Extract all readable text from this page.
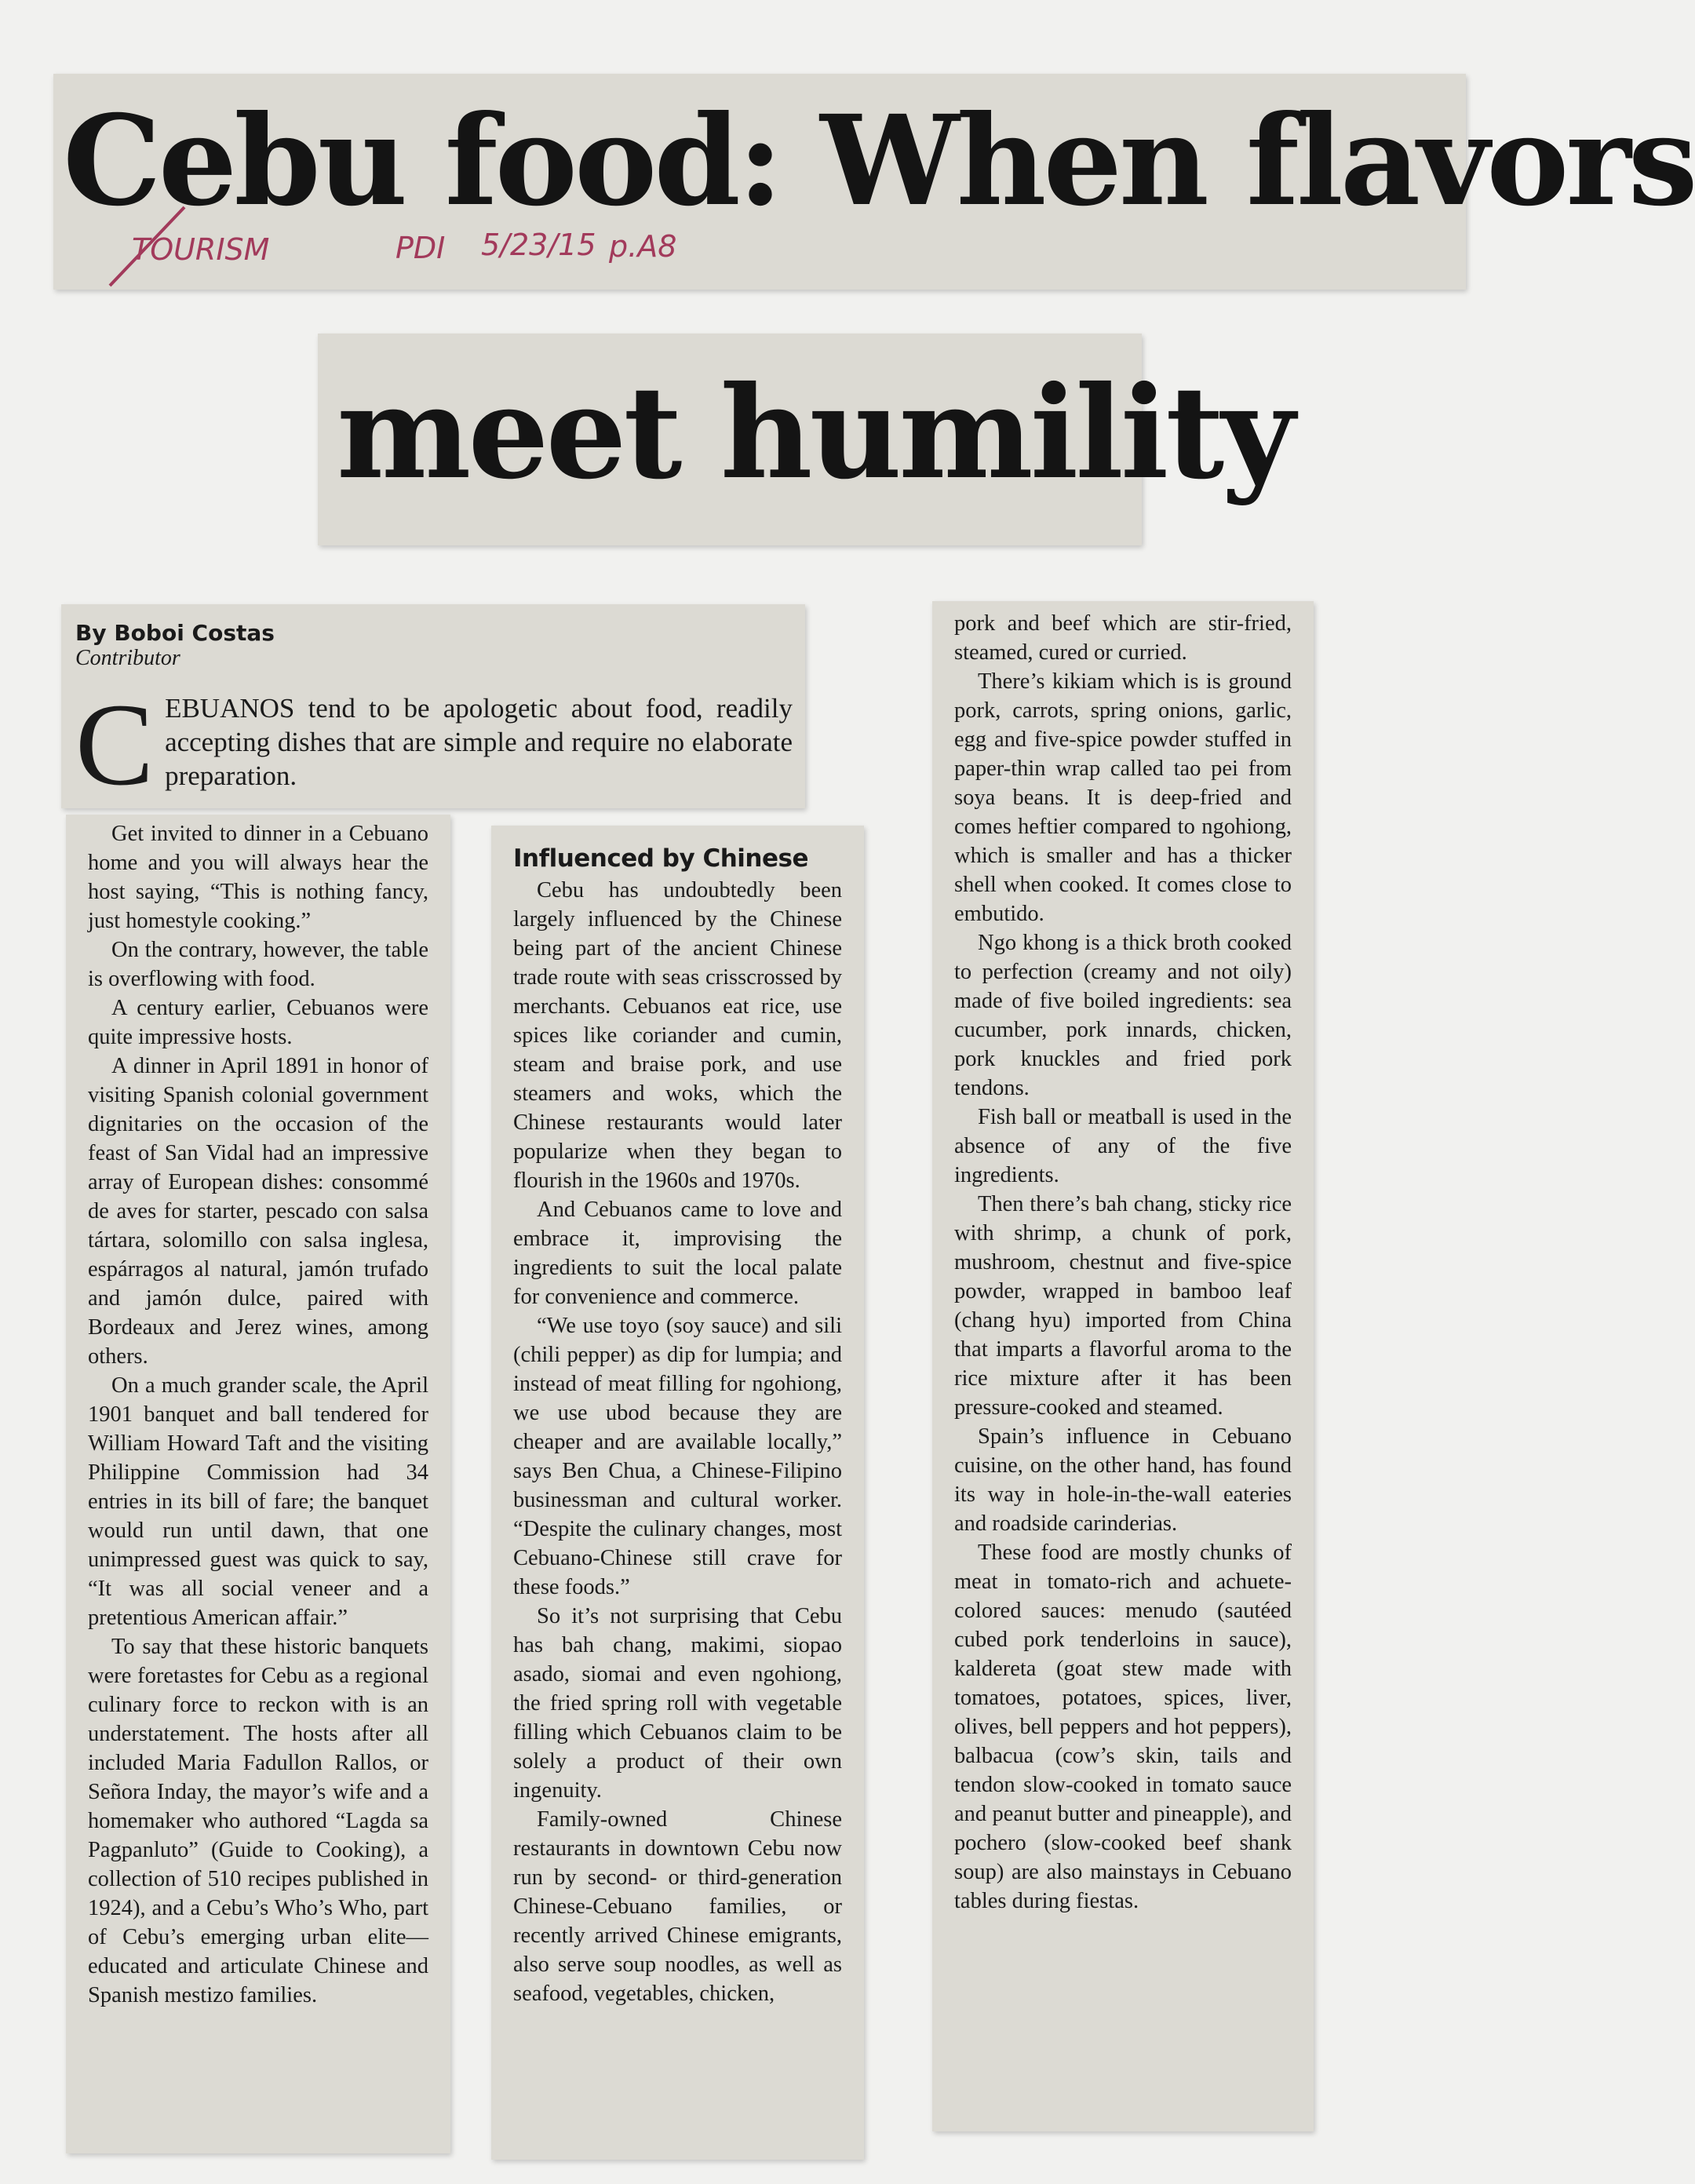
Cebu food: When flavors
TOURISM	PDI 5/23/15 p.A8
meet humility
By Boboi Costas
Contributor
C EBUANOS tend to be apologetic about food, readily accepting dishes that are simple and require no elaborate preparation.

Get invited to dinner in a Cebuano home and you will always hear the host saying, “This is nothing fancy, just homestyle cooking.”

On the contrary, however, the table is overflowing with food.

A century earlier, Cebuanos were quite impressive hosts.

A dinner in April 1891 in honor of visiting Spanish colonial government dignitaries on the occasion of the feast of San Vidal had an impressive array of European dishes: consommé de aves for starter, pescado con salsa tártara, solomillo con salsa inglesa, espárragos al natural, jamón trufado and jamón dulce, paired with Bordeaux and Jerez wines, among others.

On a much grander scale, the April 1901 banquet and ball tendered for William Howard Taft and the visiting Philippine Commission had 34 entries in its bill of fare; the banquet would run until dawn, that one unimpressed guest was quick to say, “It was all social veneer and a pretentious American affair.”

To say that these historic banquets were foretastes for Cebu as a regional culinary force to reckon with is an understatement. The hosts after all included Maria Fadullon Rallos, or Señora Inday, the mayor’s wife and a homemaker who authored “Lagda sa Pagpanluto” (Guide to Cooking), a collection of 510 recipes published in 1924), and a Cebu’s Who’s Who, part of Cebu’s emerging urban elite—educated and articulate Chinese and Spanish mestizo families.

Influenced by Chinese

Cebu has undoubtedly been largely influenced by the Chinese being part of the ancient Chinese trade route with seas crisscrossed by merchants. Cebuanos eat rice, use spices like coriander and cumin, steam and braise pork, and use steamers and woks, which the Chinese restaurants would later popularize when they began to flourish in the 1960s and 1970s.

And Cebuanos came to love and embrace it, improvising the ingredients to suit the local palate for convenience and commerce.

“We use toyo (soy sauce) and sili (chili pepper) as dip for lumpia; and instead of meat filling for ngohiong, we use ubod because they are cheaper and are available locally,” says Ben Chua, a Chinese-Filipino businessman and cultural worker. “Despite the culinary changes, most Cebuano-Chinese still crave for these foods.”

So it’s not surprising that Cebu has bah chang, makimi, siopao asado, siomai and even ngohiong, the fried spring roll with vegetable filling which Cebuanos claim to be solely a product of their own ingenuity.

Family-owned Chinese restaurants in downtown Cebu now run by second- or third-generation Chinese-Cebuano families, or recently arrived Chinese emigrants, also serve soup noodles, as well as seafood, vegetables, chicken,

pork and beef which are stir-fried, steamed, cured or curried.

There’s kikiam which is is ground pork, carrots, spring onions, garlic, egg and five-spice powder stuffed in paper-thin wrap called tao pei from soya beans. It is deep-fried and comes heftier compared to ngohiong, which is smaller and has a thicker shell when cooked. It comes close to embutido.

Ngo khong is a thick broth cooked to perfection (creamy and not oily) made of five boiled ingredients: sea cucumber, pork innards, chicken, pork knuckles and fried pork tendons.

Fish ball or meatball is used in the absence of any of the five ingredients.

Then there’s bah chang, sticky rice with shrimp, a chunk of pork, mushroom, chestnut and five-spice powder, wrapped in bamboo leaf (chang hyu) imported from China that imparts a flavorful aroma to the rice mixture after it has been pressure-cooked and steamed.

Spain’s influence in Cebuano cuisine, on the other hand, has found its way in hole-in-the-wall eateries and roadside carinderias.

These food are mostly chunks of meat in tomato-rich and achuete-colored sauces: menudo (sautéed cubed pork tenderloins in sauce), kaldereta (goat stew made with tomatoes, potatoes, spices, liver, olives, bell peppers and hot peppers), balbacua (cow’s skin, tails and tendon slow-cooked in tomato sauce and peanut butter and pineapple), and pochero (slow-cooked beef shank soup) are also mainstays in Cebuano tables during fiestas.
